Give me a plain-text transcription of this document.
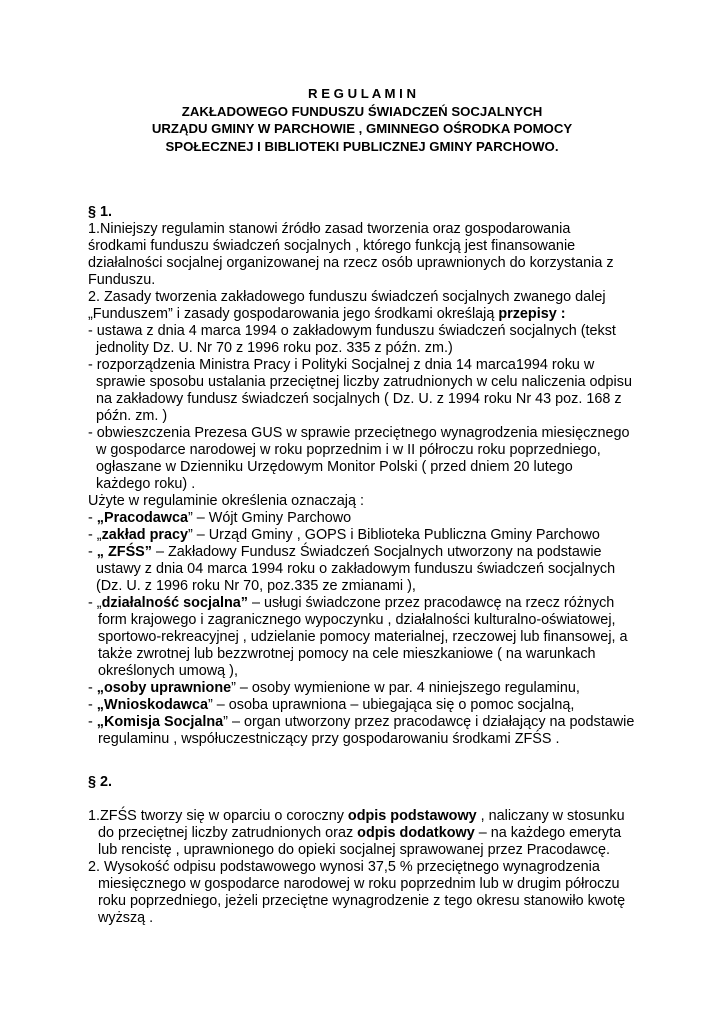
R E G U L A M I N
ZAKŁADOWEGO FUNDUSZU ŚWIADCZEŃ SOCJALNYCH
URZĄDU GMINY W PARCHOWIE , GMINNEGO OŚRODKA POMOCY
SPOŁECZNEJ I BIBLIOTEKI PUBLICZNEJ GMINY PARCHOWO.
§ 1.
1.Niniejszy regulamin stanowi źródło zasad tworzenia oraz gospodarowania
środkami funduszu świadczeń socjalnych , którego funkcją jest finansowanie
działalności socjalnej organizowanej na rzecz osób uprawnionych do korzystania z
Funduszu.
2. Zasady tworzenia zakładowego funduszu świadczeń socjalnych zwanego dalej
„Funduszem” i zasady gospodarowania jego środkami określają przepisy :
- ustawa z dnia 4 marca 1994 o zakładowym funduszu świadczeń socjalnych (tekst
jednolity Dz. U. Nr 70 z 1996 roku poz. 335 z późn. zm.)
- rozporządzenia Ministra Pracy i Polityki Socjalnej z dnia 14 marca1994 roku w
sprawie sposobu ustalania przeciętnej liczby zatrudnionych w celu naliczenia odpisu
na zakładowy fundusz świadczeń socjalnych ( Dz. U. z 1994 roku Nr 43 poz. 168 z
późn. zm. )
- obwieszczenia Prezesa GUS w sprawie przeciętnego wynagrodzenia miesięcznego
w gospodarce narodowej w roku poprzednim i w II półroczu roku poprzedniego,
ogłaszane w Dzienniku Urzędowym Monitor Polski ( przed dniem 20 lutego
każdego roku) .
Użyte w regulaminie określenia oznaczają :
- „Pracodawca” – Wójt Gminy Parchowo
- „zakład pracy” – Urząd Gminy , GOPS i Biblioteka Publiczna Gminy Parchowo
- „ ZFŚS” – Zakładowy Fundusz Świadczeń Socjalnych utworzony na podstawie
ustawy z dnia 04 marca 1994 roku o zakładowym funduszu świadczeń socjalnych
(Dz. U. z 1996 roku Nr 70, poz.335 ze zmianami ),
- „działalność socjalna” – usługi świadczone przez pracodawcę na rzecz różnych
form krajowego i zagranicznego wypoczynku , działalności kulturalno-oświatowej,
sportowo-rekreacyjnej , udzielanie pomocy materialnej, rzeczowej lub finansowej, a
także zwrotnej lub bezzwrotnej pomocy na cele mieszkaniowe ( na warunkach
określonych umową ),
- „osoby uprawnione” – osoby wymienione w par. 4 niniejszego regulaminu,
- „Wnioskodawca” – osoba uprawniona – ubiegająca się o pomoc socjalną,
- „Komisja Socjalna” – organ utworzony przez pracodawcę i działający na podstawie
regulaminu , współuczestniczący przy gospodarowaniu środkami ZFŚS .
§ 2.
1.ZFŚS tworzy się w oparciu o coroczny odpis podstawowy , naliczany w stosunku
do przeciętnej liczby zatrudnionych oraz odpis dodatkowy – na każdego emeryta
lub rencistę , uprawnionego do opieki socjalnej sprawowanej przez Pracodawcę.
2. Wysokość odpisu podstawowego wynosi 37,5 % przeciętnego wynagrodzenia
miesięcznego w gospodarce narodowej w roku poprzednim lub w drugim półroczu
roku poprzedniego, jeżeli przeciętne wynagrodzenie z tego okresu stanowiło kwotę
wyższą .
